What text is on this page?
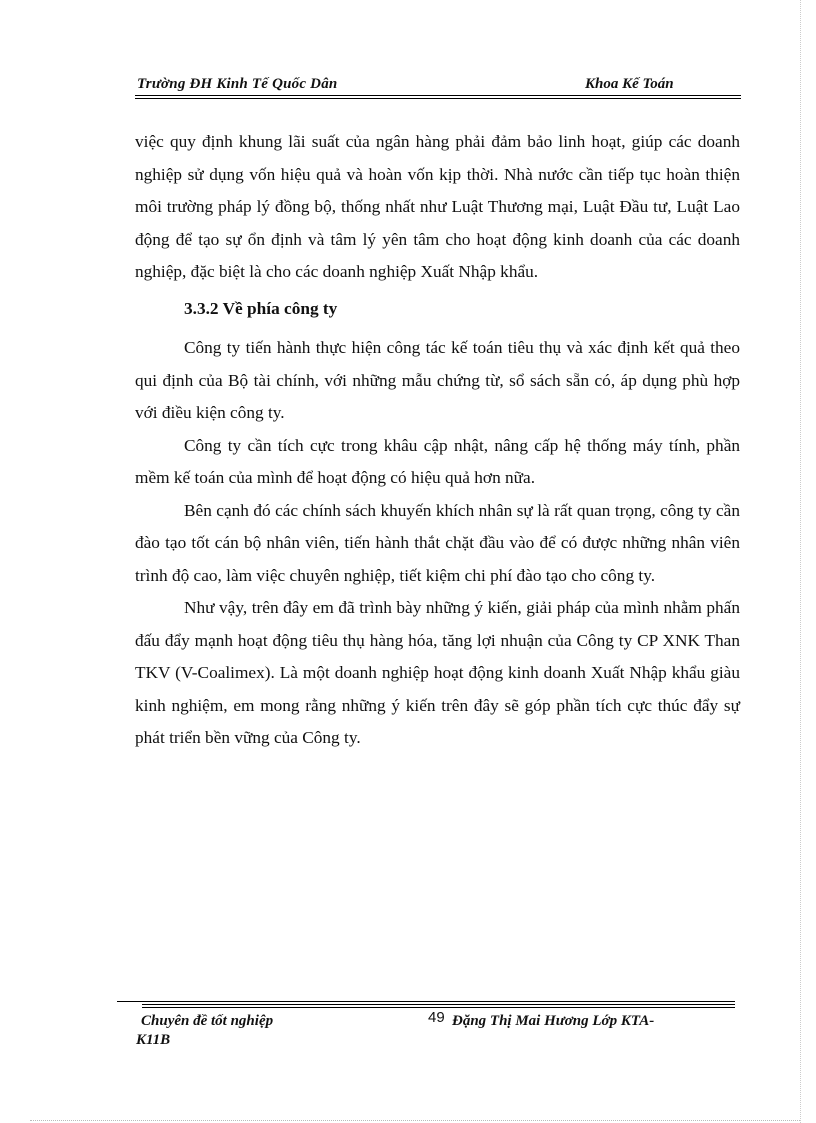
Trường ĐH Kinh Tế Quốc Dân	Khoa Kế Toán

việc quy định khung lãi suất của ngân hàng phải đảm bảo linh hoạt, giúp các doanh nghiệp sử dụng vốn hiệu quả và hoàn vốn kịp thời. Nhà nước cần tiếp tục hoàn thiện môi trường pháp lý đồng bộ, thống nhất như Luật Thương mại, Luật Đầu tư, Luật Lao động để tạo sự ổn định và tâm lý yên tâm cho hoạt động kinh doanh của các doanh nghiệp, đặc biệt là cho các doanh nghiệp Xuất Nhập khẩu.

3.3.2 Về phía công ty

Công ty tiến hành thực hiện công tác kế toán tiêu thụ và xác định kết quả theo qui định của Bộ tài chính, với những mẫu chứng từ, sổ sách sẵn có, áp dụng phù hợp với điều kiện công ty.

Công ty cần tích cực trong khâu cập nhật, nâng cấp hệ thống máy tính, phần mềm kế toán của mình để hoạt động có hiệu quả hơn nữa.

Bên cạnh đó các chính sách khuyến khích nhân sự là rất quan trọng, công ty cần đào tạo tốt cán bộ nhân viên, tiến hành thắt chặt đầu vào để có được những nhân viên trình độ cao, làm việc chuyên nghiệp, tiết kiệm chi phí đào tạo cho công ty.

Như vậy, trên đây em đã trình bày những ý kiến, giải pháp của mình nhằm phấn đấu đẩy mạnh hoạt động tiêu thụ hàng hóa, tăng lợi nhuận của Công ty CP XNK Than TKV (V-Coalimex). Là một doanh nghiệp hoạt động kinh doanh Xuất Nhập khẩu giàu kinh nghiệm, em mong rằng những ý kiến trên đây sẽ góp phần tích cực thúc đẩy sự phát triển bền vững của Công ty.

Chuyên đề tốt nghiệp	49 Đặng Thị Mai Hương Lớp KTA-
K11B
